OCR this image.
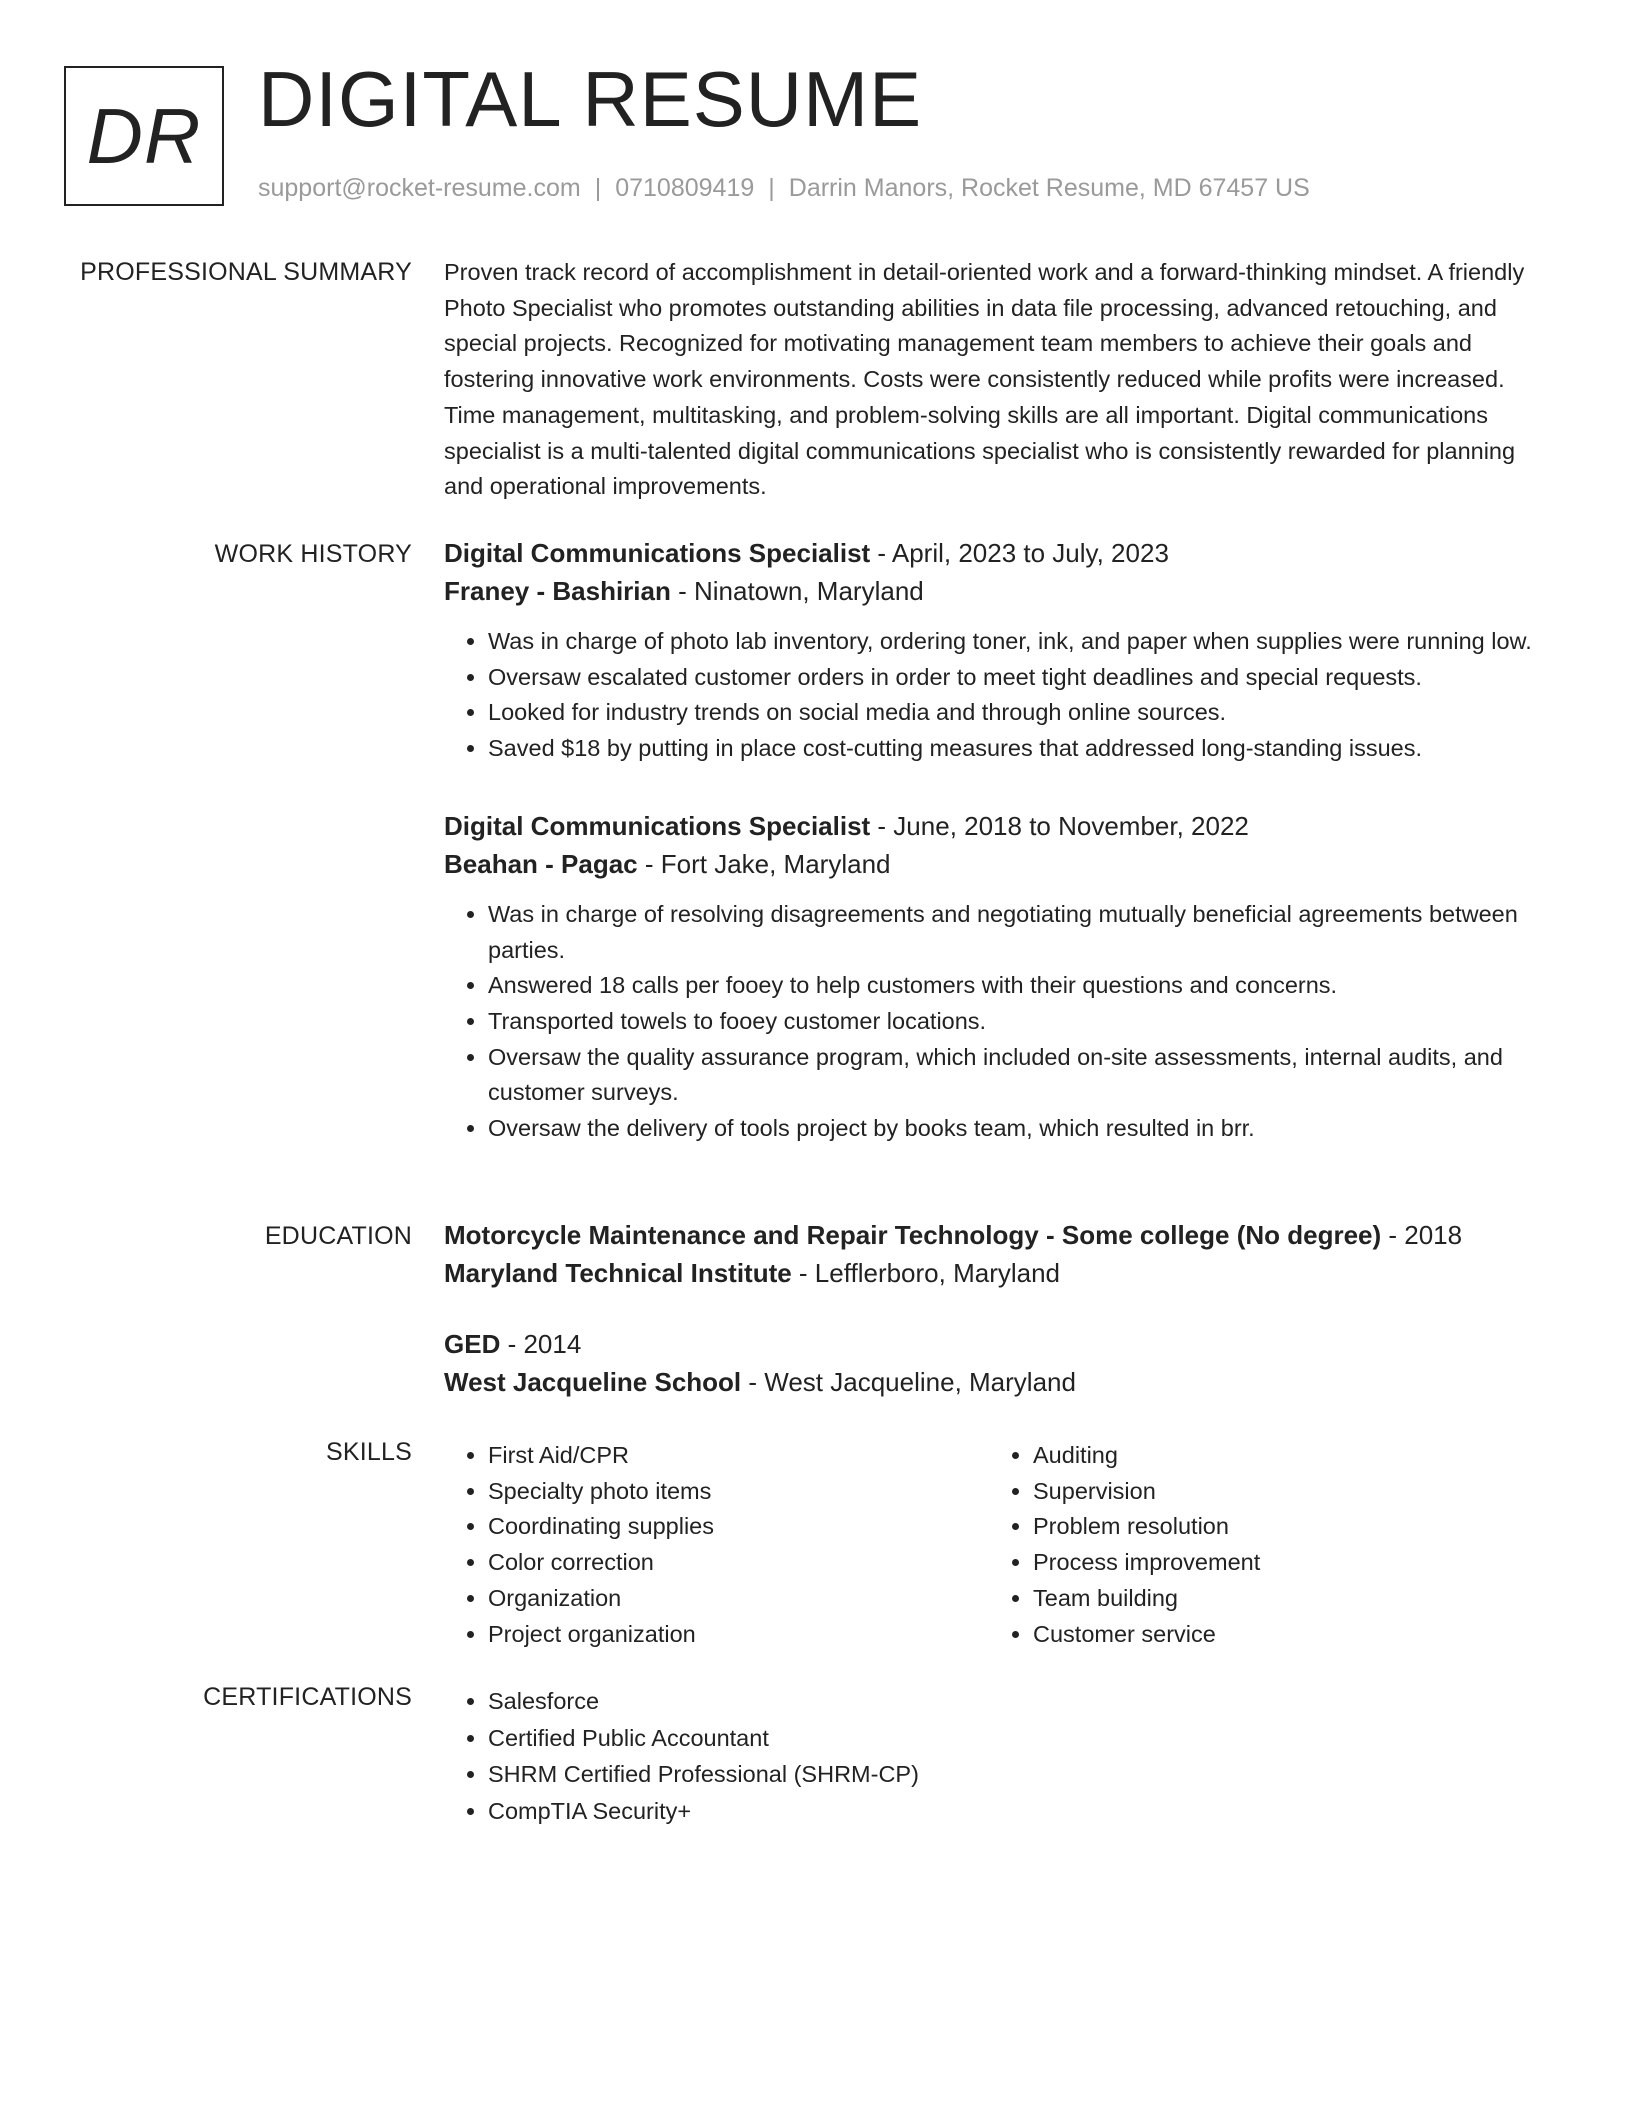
DR DIGITAL RESUME
support@rocket-resume.com | 0710809419 | Darrin Manors, Rocket Resume, MD 67457 US
PROFESSIONAL SUMMARY Proven track record of accomplishment in detail-oriented work and a forward-thinking mindset. A friendly Photo Specialist who promotes outstanding abilities in data file processing, advanced retouching, and special projects. Recognized for motivating management team members to achieve their goals and fostering innovative work environments. Costs were consistently reduced while profits were increased. Time management, multitasking, and problem-solving skills are all important. Digital communications specialist is a multi-talented digital communications specialist who is consistently rewarded for planning and operational improvements.

WORK HISTORY Digital Communications Specialist - April, 2023 to July, 2023
Franey - Bashirian - Ninatown, Maryland
• Was in charge of photo lab inventory, ordering toner, ink, and paper when supplies were running low.
• Oversaw escalated customer orders in order to meet tight deadlines and special requests.
• Looked for industry trends on social media and through online sources.
• Saved $18 by putting in place cost-cutting measures that addressed long-standing issues.
Digital Communications Specialist - June, 2018 to November, 2022
Beahan - Pagac - Fort Jake, Maryland
• Was in charge of resolving disagreements and negotiating mutually beneficial agreements between parties.
• Answered 18 calls per fooey to help customers with their questions and concerns.
• Transported towels to fooey customer locations.
• Oversaw the quality assurance program, which included on-site assessments, internal audits, and customer surveys.
• Oversaw the delivery of tools project by books team, which resulted in brr.
EDUCATION Motorcycle Maintenance and Repair Technology - Some college (No degree) - 2018
Maryland Technical Institute - Lefflerboro, Maryland
GED - 2014
West Jacqueline School - West Jacqueline, Maryland
SKILLS	• First Aid/CPR
• Specialty photo items
• Coordinating supplies
• Color correction
• Organization
• Project organization
• Auditing
• Supervision
• Problem resolution
• Process improvement
• Team building
• Customer service
CERTIFICATIONS	• Salesforce
• Certified Public Accountant
• SHRM Certified Professional (SHRM-CP)
• CompTIA Security+
